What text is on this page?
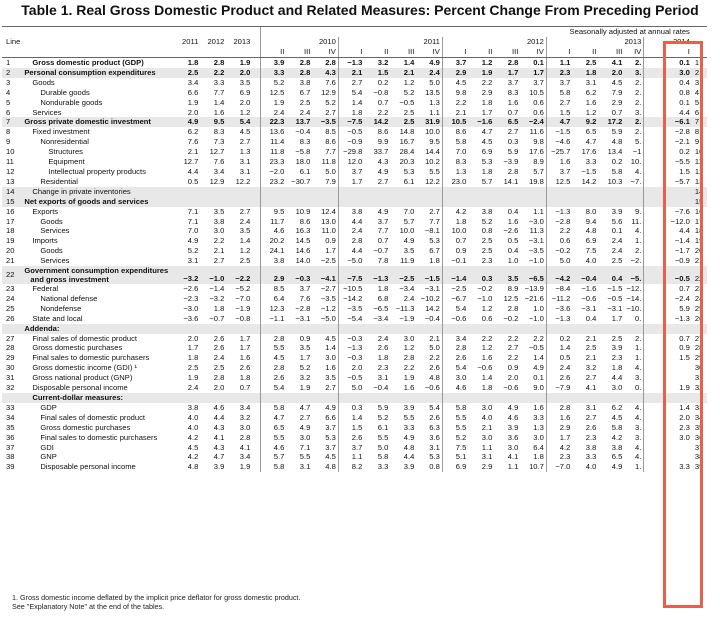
Table 1. Real Gross Domestic Product and Related Measures: Percent Change From Preceding Period
						Seasonally adjusted at annual rates																
Line		2011	2012	2013		2010			2011				2012				2013				2014	
						II	III	IV	I	II	III	IV	I	II	III	IV	I	II	III	IV	I	
1	Gross domestic product (GDP)	1.8	2.8	1.9		3.9	2.8	2.8	−1.3	3.2	1.4	4.9	3.7	1.2	2.8	0.1	1.1	2.5	4.1	2.	0.1	1
2	Personal consumption expenditures	2.5	2.2	2.0		3.3	2.8	4.3	2.1	1.5	2.1	2.4	2.9	1.9	1.7	1.7	2.3	1.8	2.0	3.	3.0	2
3	Goods	3.4	3.3	3.5		5.2	3.8	7.6	2.7	0.2	1.2	5.0	4.5	2.2	3.7	3.7	3.7	3.1	4.5	2.	0.4	3
4	Durable goods	6.6	7.7	6.9		12.5	6.7	12.9	5.4	−0.8	5.2	13.5	9.8	2.9	8.3	10.5	5.8	6.2	7.9	2.	0.8	4
5	Nondurable goods	1.9	1.4	2.0		1.9	2.5	5.2	1.4	0.7	−0.5	1.3	2.2	1.8	1.6	0.6	2.7	1.6	2.9	2.	0.1	5
6	Services	2.0	1.6	1.2		2.4	2.4	2.7	1.8	2.2	2.5	1.1	2.1	1.7	0.7	0.6	1.5	1.2	0.7	3.	4.4	6
7	Gross private domestic investment	4.9	9.5	5.4		22.3	13.7	−3.5	−7.5	14.2	2.5	31.9	10.5	−1.6	6.5	−2.4	4.7	9.2	17.2	2.	−6.1	7
8	Fixed investment	6.2	8.3	4.5		13.6	−0.4	8.5	−0.5	8.6	14.8	10.0	8.6	4.7	2.7	11.6	−1.5	6.5	5.9	2.	−2.8	8
9	Nonresidential	7.6	7.3	2.7		11.4	8.3	8.6	−0.9	9.9	16.7	9.5	5.8	4.5	0.3	9.8	−4.6	4.7	4.8	5.	−2.1	9
10	Structures	2.1	12.7	1.3		11.8	−5.8	7.7	−29.8	33.7	28.4	14.4	7.0	6.9	5.9	17.6	−25.7	17.6	13.4	−1	0.2	10
11	Equipment	12.7	7.6	3.1		23.3	18.0	11.8	12.0	4.3	20.3	10.2	8.3	5.3	−3.9	8.9	1.6	3.3	0.2	10.	−5.5	11
12	Intellectual property products	4.4	3.4	3.1		−2.0	6.1	5.0	3.7	4.9	5.3	5.5	1.3	1.8	2.8	5.7	3.7	−1.5	5.8	4.	1.5	12
13	Residential	0.5	12.9	12.2		23.2	−30.7	7.9	1.7	2.7	6.1	12.2	23.0	5.7	14.1	19.8	12.5	14.2	10.3	−7.	−5.7	13
14	Change in private inventories																					14
15	Net exports of goods and services																					15
16	Exports	7.1	3.5	2.7		9.5	10.9	12.4	3.8	4.9	7.0	2.7	4.2	3.8	0.4	1.1	−1.3	8.0	3.9	9.	−7.6	16
17	Goods	7.1	3.8	2.4		11.7	8.6	13.0	4.4	3.7	5.7	7.7	1.8	5.2	1.6	−3.0	−2.8	9.4	5.6	11.	−12.0	17
18	Services	7.0	3.0	3.5		4.6	16.3	11.0	2.4	7.7	10.0	−8.1	10.0	0.8	−2.6	11.3	2.2	4.8	0.1	4.	4.4	18
19	Imports	4.9	2.2	1.4		20.2	14.5	0.9	2.8	0.7	4.9	5.3	0.7	2.5	0.5	−3.1	0.6	6.9	2.4	1.	−1.4	19
20	Goods	5.2	2.1	1.2		24.1	14.6	1.7	4.4	−0.7	3.5	6.7	0.9	2.5	0.4	−3.5	−0.2	7.5	2.4	2.	−1.7	20
21	Services	3.1	2.7	2.5		3.8	14.0	−2.5	−5.0	7.8	11.9	1.8	−0.1	2.3	1.0	−1.0	5.0	4.0	2.5	−2.	−0.9	21
22	Government consumption expenditures
and gross investment	−3.2	−1.0	−2.2		2.9	−0.3	−4.1	−7.5	−1.3	−2.5	−1.5	−1.4	0.3	3.5	−6.5	−4.2	−0.4	0.4	−5.	−0.5	22
23	Federal	−2.6	−1.4	−5.2		8.5	3.7	−2.7	−10.5	1.8	−3.4	−3.1	−2.5	−0.2	8.9	−13.9	−8.4	−1.6	−1.5	−12.	0.7	23
24	National defense	−2.3	−3.2	−7.0		6.4	7.6	−3.5	−14.2	6.8	2.4	−10.2	−6.7	−1.0	12.5	−21.6	−11.2	−0.6	−0.5	−14.	−2.4	24
25	Nondefense	−3.0	1.8	−1.9		12.3	−2.8	−1.2	−3.5	−6.5	−11.3	14.2	5.4	1.2	2.8	1.0	−3.6	−3.1	−3.1	−10.	5.9	25
26	State and local	−3.6	−0.7	−0.8		−1.1	−3.1	−5.0	−5.4	−3.4	−1.9	−0.4	−0.6	0.6	−0.2	−1.0	−1.3	0.4	1.7	0.	−1.3	26
	Addenda:																					
27	Final sales of domestic product	2.0	2.6	1.7		2.8	0.9	4.5	−0.3	2.4	3.0	2.1	3.4	2.2	2.2	2.2	0.2	2.1	2.5	2.	0.7	27
28	Gross domestic purchases	1.7	2.6	1.7		5.5	3.5	1.4	−1.3	2.6	1.2	5.0	2.8	1.2	2.7	−0.5	1.4	2.5	3.9	1.	0.9	28
29	Final sales to domestic purchasers	1.8	2.4	1.6		4.5	1.7	3.0	−0.3	1.8	2.8	2.2	2.6	1.6	2.2	1.4	0.5	2.1	2.3	1.	1.5	29
30	Gross domestic income (GDI) ¹	2.5	2.5	2.6		2.8	5.2	1.6	2.0	2.3	2.2	2.6	5.4	−0.6	0.9	4.9	2.4	3.2	1.8	4.		30
31	Gross national product (GNP)	1.9	2.8	1.8		2.6	3.2	3.5	−0.5	3.1	1.9	4.8	3.0	1.4	2.0	0.1	2.6	2.7	4.4	3.		31
32	Disposable personal income	2.4	2.0	0.7		5.4	1.9	2.7	5.0	−0.4	1.6	−0.6	4.6	1.8	−0.6	9.0	−7.9	4.1	3.0	0.	1.9	32
	Current-dollar measures:																					
33	GDP	3.8	4.6	3.4		5.8	4.7	4.9	0.3	5.9	3.9	5.4	5.8	3.0	4.9	1.6	2.8	3.1	6.2	4.	1.4	33
34	Final sales of domestic product	4.0	4.4	3.2		4.7	2.7	6.6	1.4	5.2	5.5	2.6	5.5	4.0	4.6	3.3	1.6	2.7	4.5	4.	2.0	34
35	Gross domestic purchases	4.0	4.3	3.0		6.5	4.9	3.7	1.5	6.1	3.3	6.3	5.5	2.1	3.9	1.3	2.9	2.6	5.8	3.	2.3	35
36	Final sales to domestic purchasers	4.2	4.1	2.8		5.5	3.0	5.3	2.6	5.5	4.9	3.6	5.2	3.0	3.6	3.0	1.7	2.3	4.2	3.	3.0	36
37	GDI	4.5	4.3	4.1		4.6	7.1	3.7	3.7	5.0	4.8	3.1	7.5	1.1	3.0	6.4	4.2	3.8	3.8	4.		37
38	GNP	4.2	4.7	3.4		5.7	5.5	4.5	1.1	5.8	4.4	5.3	5.1	3.1	4.1	1.8	2.3	3.3	6.5	4.		38
39	Disposable personal income	4.8	3.9	1.9		5.8	3.1	4.8	8.2	3.3	3.9	0.8	6.9	2.9	1.1	10.7	−7.0	4.0	4.9	1.	3.3	39
1. Gross domestic income deflated by the implicit price deflator for gross domestic product.
See "Explanatory Note" at the end of the tables.
